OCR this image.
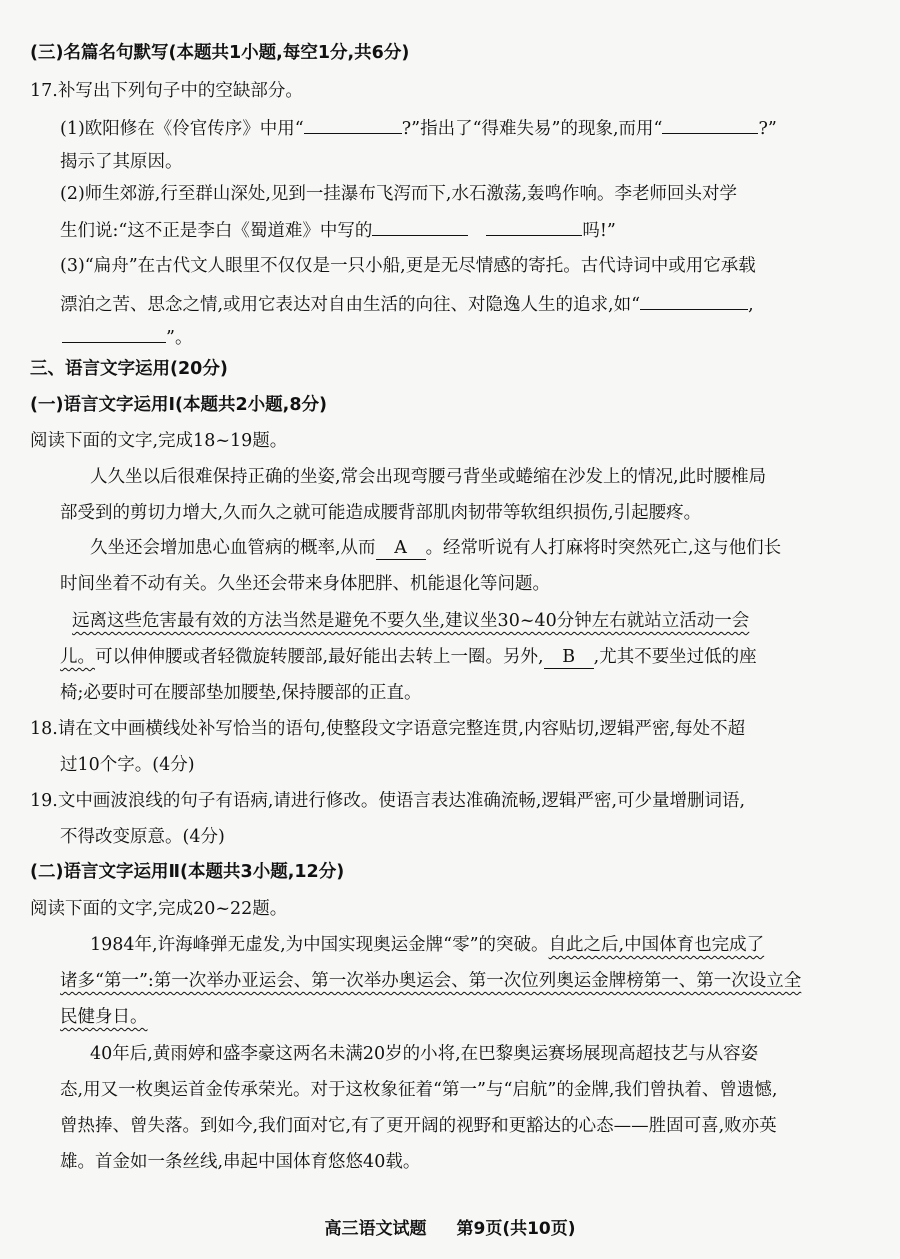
(三)名篇名句默写(本题共1小题,每空1分,共6分)
17.补写出下列句子中的空缺部分。
(1)欧阳修在《伶官传序》中用“	?”指出了“得难失易”的现象,而用“	?”
揭示了其原因。
(2)师生郊游,行至群山深处,见到一挂瀑布飞泻而下,水石激荡,轰鸣作响。李老师回头对学
生们说:“这不正是李白《蜀道难》中写的	吗!”
(3)“扁舟”在古代文人眼里不仅仅是一只小船,更是无尽情感的寄托。古代诗词中或用它承载
漂泊之苦、思念之情,或用它表达对自由生活的向往、对隐逸人生的追求,如“	,
”。
三、语言文字运用(20分)
(一)语言文字运用Ⅰ(本题共2小题,8分)
阅读下面的文字,完成18~19题。
人久坐以后很难保持正确的坐姿,常会出现弯腰弓背坐或蜷缩在沙发上的情况,此时腰椎局
部受到的剪切力增大,久而久之就可能造成腰背部肌肉韧带等软组织损伤,引起腰疼。
久坐还会增加患心血管病的概率,从而 A 。经常听说有人打麻将时突然死亡,这与他们长
时间坐着不动有关。久坐还会带来身体肥胖、机能退化等问题。
远离这些危害最有效的方法当然是避免不要久坐,建议坐30~40分钟左右就站立活动一会
儿。可以伸伸腰或者轻微旋转腰部,最好能出去转上一圈。另外, B ,尤其不要坐过低的座
椅;必要时可在腰部垫加腰垫,保持腰部的正直。
18.请在文中画横线处补写恰当的语句,使整段文字语意完整连贯,内容贴切,逻辑严密,每处不超
过10个字。(4分)
19.文中画波浪线的句子有语病,请进行修改。使语言表达准确流畅,逻辑严密,可少量增删词语,
不得改变原意。(4分)
(二)语言文字运用Ⅱ(本题共3小题,12分)
阅读下面的文字,完成20~22题。
1984年,许海峰弹无虚发,为中国实现奥运金牌“零”的突破。自此之后,中国体育也完成了
诸多“第一”:第一次举办亚运会、第一次举办奥运会、第一次位列奥运金牌榜第一、第一次设立全
民健身日。
40年后,黄雨婷和盛李豪这两名未满20岁的小将,在巴黎奥运赛场展现高超技艺与从容姿
态,用又一枚奥运首金传承荣光。对于这枚象征着“第一”与“启航”的金牌,我们曾执着、曾遗憾,
曾热捧、曾失落。到如今,我们面对它,有了更开阔的视野和更豁达的心态——胜固可喜,败亦英
雄。首金如一条丝线,串起中国体育悠悠40载。
高三语文试题 第9页(共10页)
